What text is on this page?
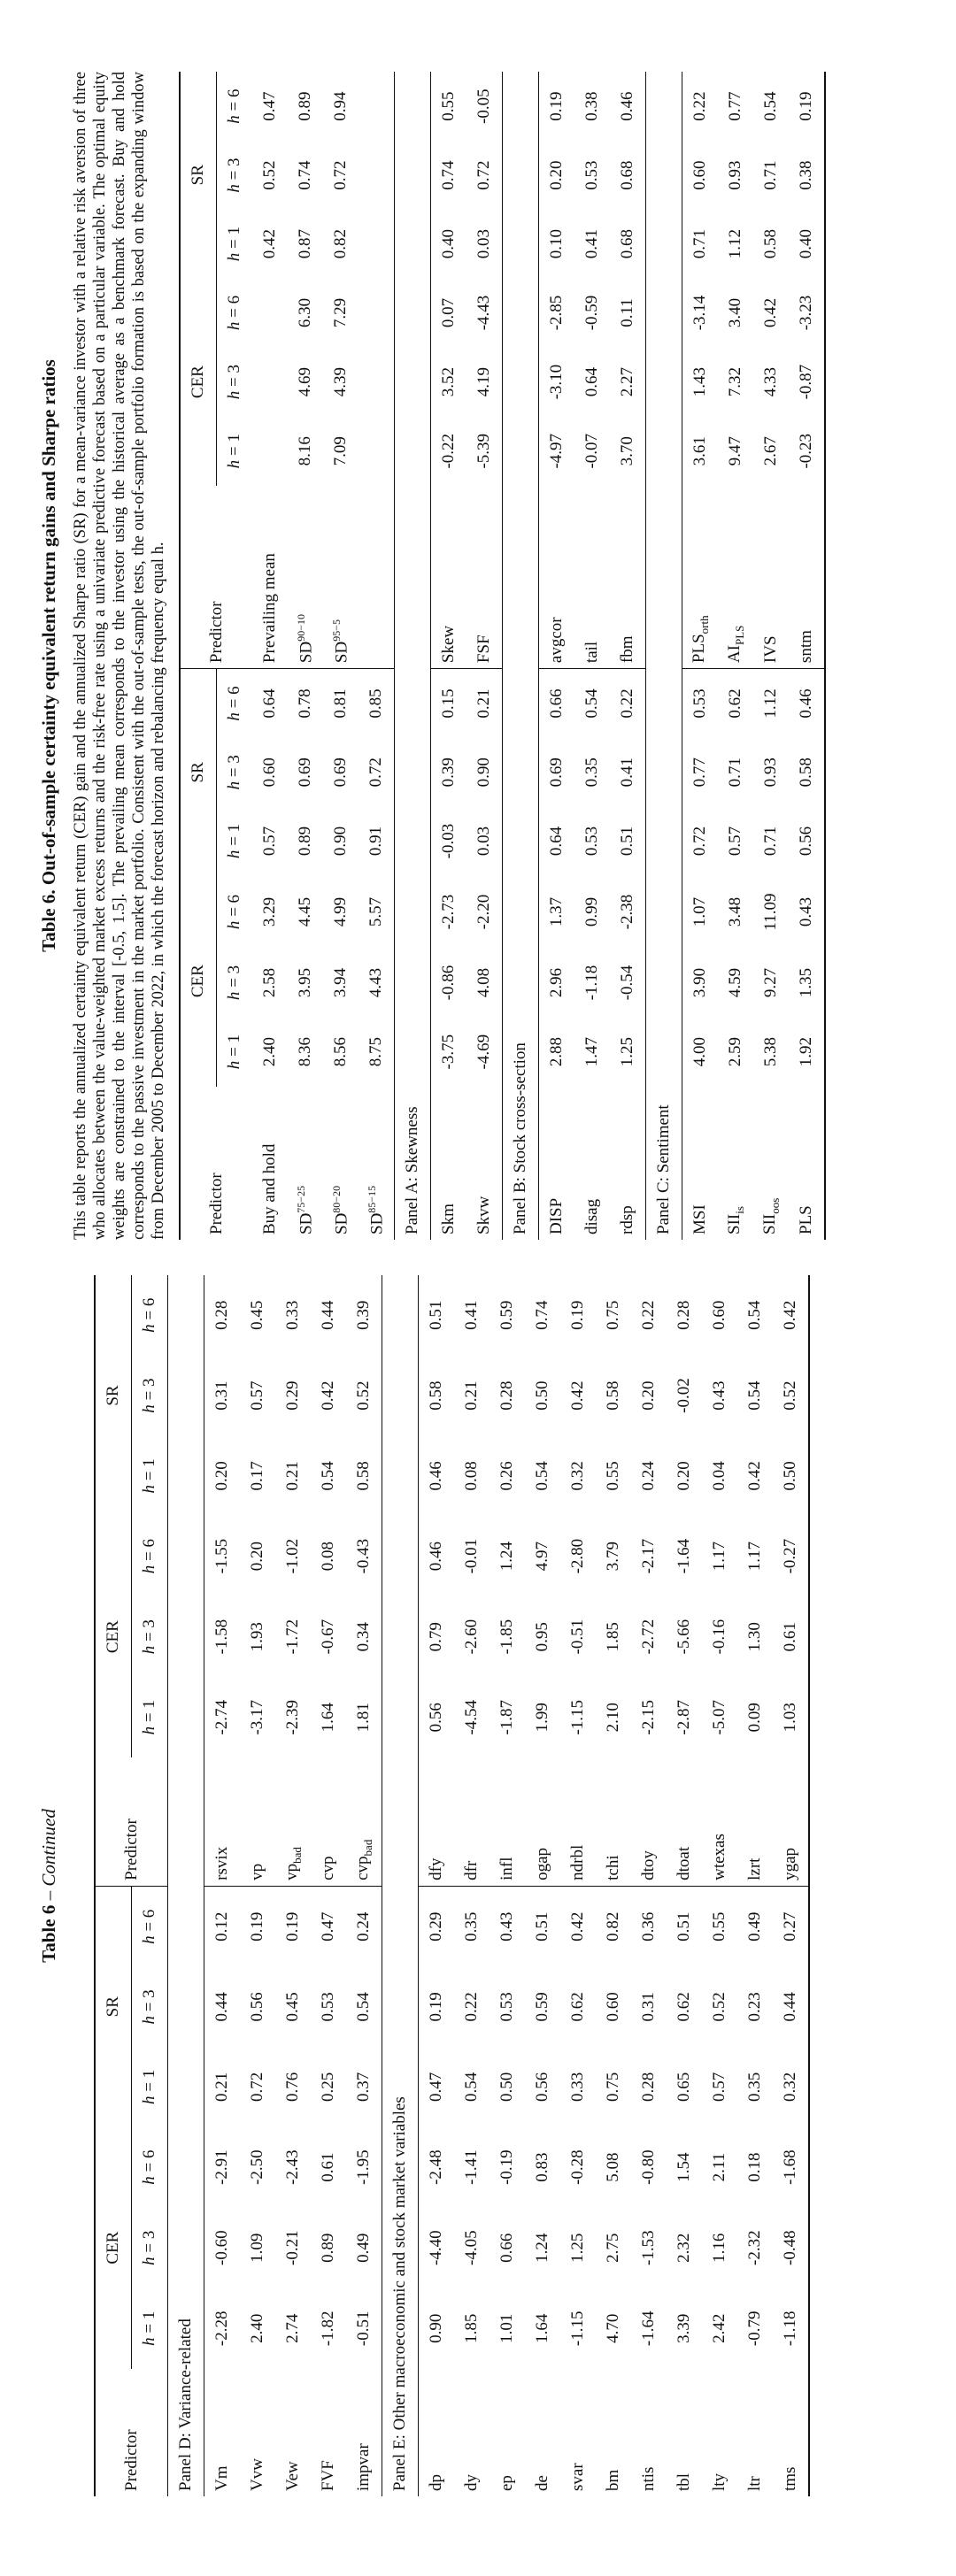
Table 6 – Continued
Predictor	CER			SR			Predictor	CER			SR		
	h = 1	h = 3	h = 6	h = 1	h = 3	h = 6		h = 1	h = 3	h = 6	h = 1	h = 3	h = 6
Panel D: Variance-related													
Vm	-2.28	-0.60	-2.91	0.21	0.44	0.12	rsvix	-2.74	-1.58	-1.55	0.20	0.31	0.28
Vvw	2.40	1.09	-2.50	0.72	0.56	0.19	vp	-3.17	1.93	0.20	0.17	0.57	0.45
Vew	2.74	-0.21	-2.43	0.76	0.45	0.19	$vp_{bad}$	-2.39	-1.72	-1.02	0.21	0.29	0.33
FVF	-1.82	0.89	0.61	0.25	0.53	0.47	cvp	1.64	-0.67	0.08	0.54	0.42	0.44
impvar	-0.51	0.49	-1.95	0.37	0.54	0.24	cvp$_{bad}$	1.81	0.34	-0.43	0.58	0.52	0.39
Panel E: Other macroeconomic and stock market variables													
dp	0.90	-4.40	-2.48	0.47	0.19	0.29	dfy	0.56	0.79	0.46	0.46	0.58	0.51
dy	1.85	-4.05	-1.41	0.54	0.22	0.35	dfr	-4.54	-2.60	-0.01	0.08	0.21	0.41
ep	1.01	0.66	-0.19	0.50	0.53	0.43	infl	-1.87	-1.85	1.24	0.26	0.28	0.59
de	1.64	1.24	0.83	0.56	0.59	0.51	ogap	1.99	0.95	4.97	0.54	0.50	0.74
svar	-1.15	1.25	-0.28	0.33	0.62	0.42	ndrbl	-1.15	-0.51	-2.80	0.32	0.42	0.19
bm	4.70	2.75	5.08	0.75	0.60	0.82	tchi	2.10	1.85	3.79	0.55	0.58	0.75
ntis	-1.64	-1.53	-0.80	0.28	0.31	0.36	dtoy	-2.15	-2.72	-2.17	0.24	0.20	0.22
tbl	3.39	2.32	1.54	0.65	0.62	0.51	dtoat	-2.87	-5.66	-1.64	0.20	-0.02	0.28
lty	2.42	1.16	2.11	0.57	0.52	0.55	wtexas	-5.07	-0.16	1.17	0.04	0.43	0.60
ltr	-0.79	-2.32	0.18	0.35	0.23	0.49	lzrt	0.09	1.30	1.17	0.42	0.54	0.54
tms	-1.18	-0.48	-1.68	0.32	0.44	0.27	ygap	1.03	0.61	-0.27	0.50	0.52	0.42
Table 6. Out-of-sample certainty equivalent return gains and Sharpe ratios This table reports the annualized certainty equivalent return (CER) gain and the annualized Sharpe ratio (SR) for a mean-variance investor with a relative risk aversion of three who allocates between the value-weighted market excess returns and the risk-free rate using a univariate predictive forecast based on a particular variable. The optimal equity weights are constrained to the interval [-0.5, 1.5]. The prevailing mean corresponds to the investor using the historical average as a benchmark forecast. Buy and hold corresponds to the passive investment in the market portfolio. Consistent with the out-of-sample tests, the out-of-sample portfolio formation is based on the expanding window from December 2005 to December 2022, in which the forecast horizon and rebalancing frequency equal h. Predictor	CER			SR			Predictor	CER			SR		
	h = 1	h = 3	h = 6	h = 1	h = 3	h = 6		h = 1	h = 3	h = 6	h = 1	h = 3	h = 6
Buy and hold	2.40	2.58	3.29	0.57	0.60	0.64	Prevailing mean				0.42	0.52	0.47
$SD^{75-25}$	8.36	3.95	4.45	0.89	0.69	0.78	$SD^{90-10}$	8.16	4.69	6.30	0.87	0.74	0.89
$SD^{80-20}$	8.56	3.94	4.99	0.90	0.69	0.81	$SD^{95-5}$	7.09	4.39	7.29	0.82	0.72	0.94
$SD^{85-15}$	8.75	4.43	5.57	0.91	0.72	0.85							
Panel A: Skewness													
Skm	-3.75	-0.86	-2.73	-0.03	0.39	0.15	Skew	-0.22	3.52	0.07	0.40	0.74	0.55
Skvw	-4.69	4.08	-2.20	0.03	0.90	0.21	FSF	-5.39	4.19	-4.43	0.03	0.72	-0.05
Panel B: Stock cross-section													
DISP	2.88	2.96	1.37	0.64	0.69	0.66	avgcor	-4.97	-3.10	-2.85	0.10	0.20	0.19
disag	1.47	-1.18	0.99	0.53	0.35	0.54	tail	-0.07	0.64	-0.59	0.41	0.53	0.38
rdsp	1.25	-0.54	-2.38	0.51	0.41	0.22	fbm	3.70	2.27	0.11	0.68	0.68	0.46
Panel C: Sentiment													
MSI	4.00	3.90	1.07	0.72	0.77	0.53	$PLS_{orth}$	3.61	1.43	-3.14	0.71	0.60	0.22
$SII_{is}$	2.59	4.59	3.48	0.57	0.71	0.62	$AI_{PLS}$	9.47	7.32	3.40	1.12	0.93	0.77
$SII_{oos}$	5.38	9.27	11.09	0.71	0.93	1.12	IVS	2.67	4.33	0.42	0.58	0.71	0.54
PLS	1.92	1.35	0.43	0.56	0.58	0.46	sntm	-0.23	-0.87	-3.23	0.40	0.38	0.19
